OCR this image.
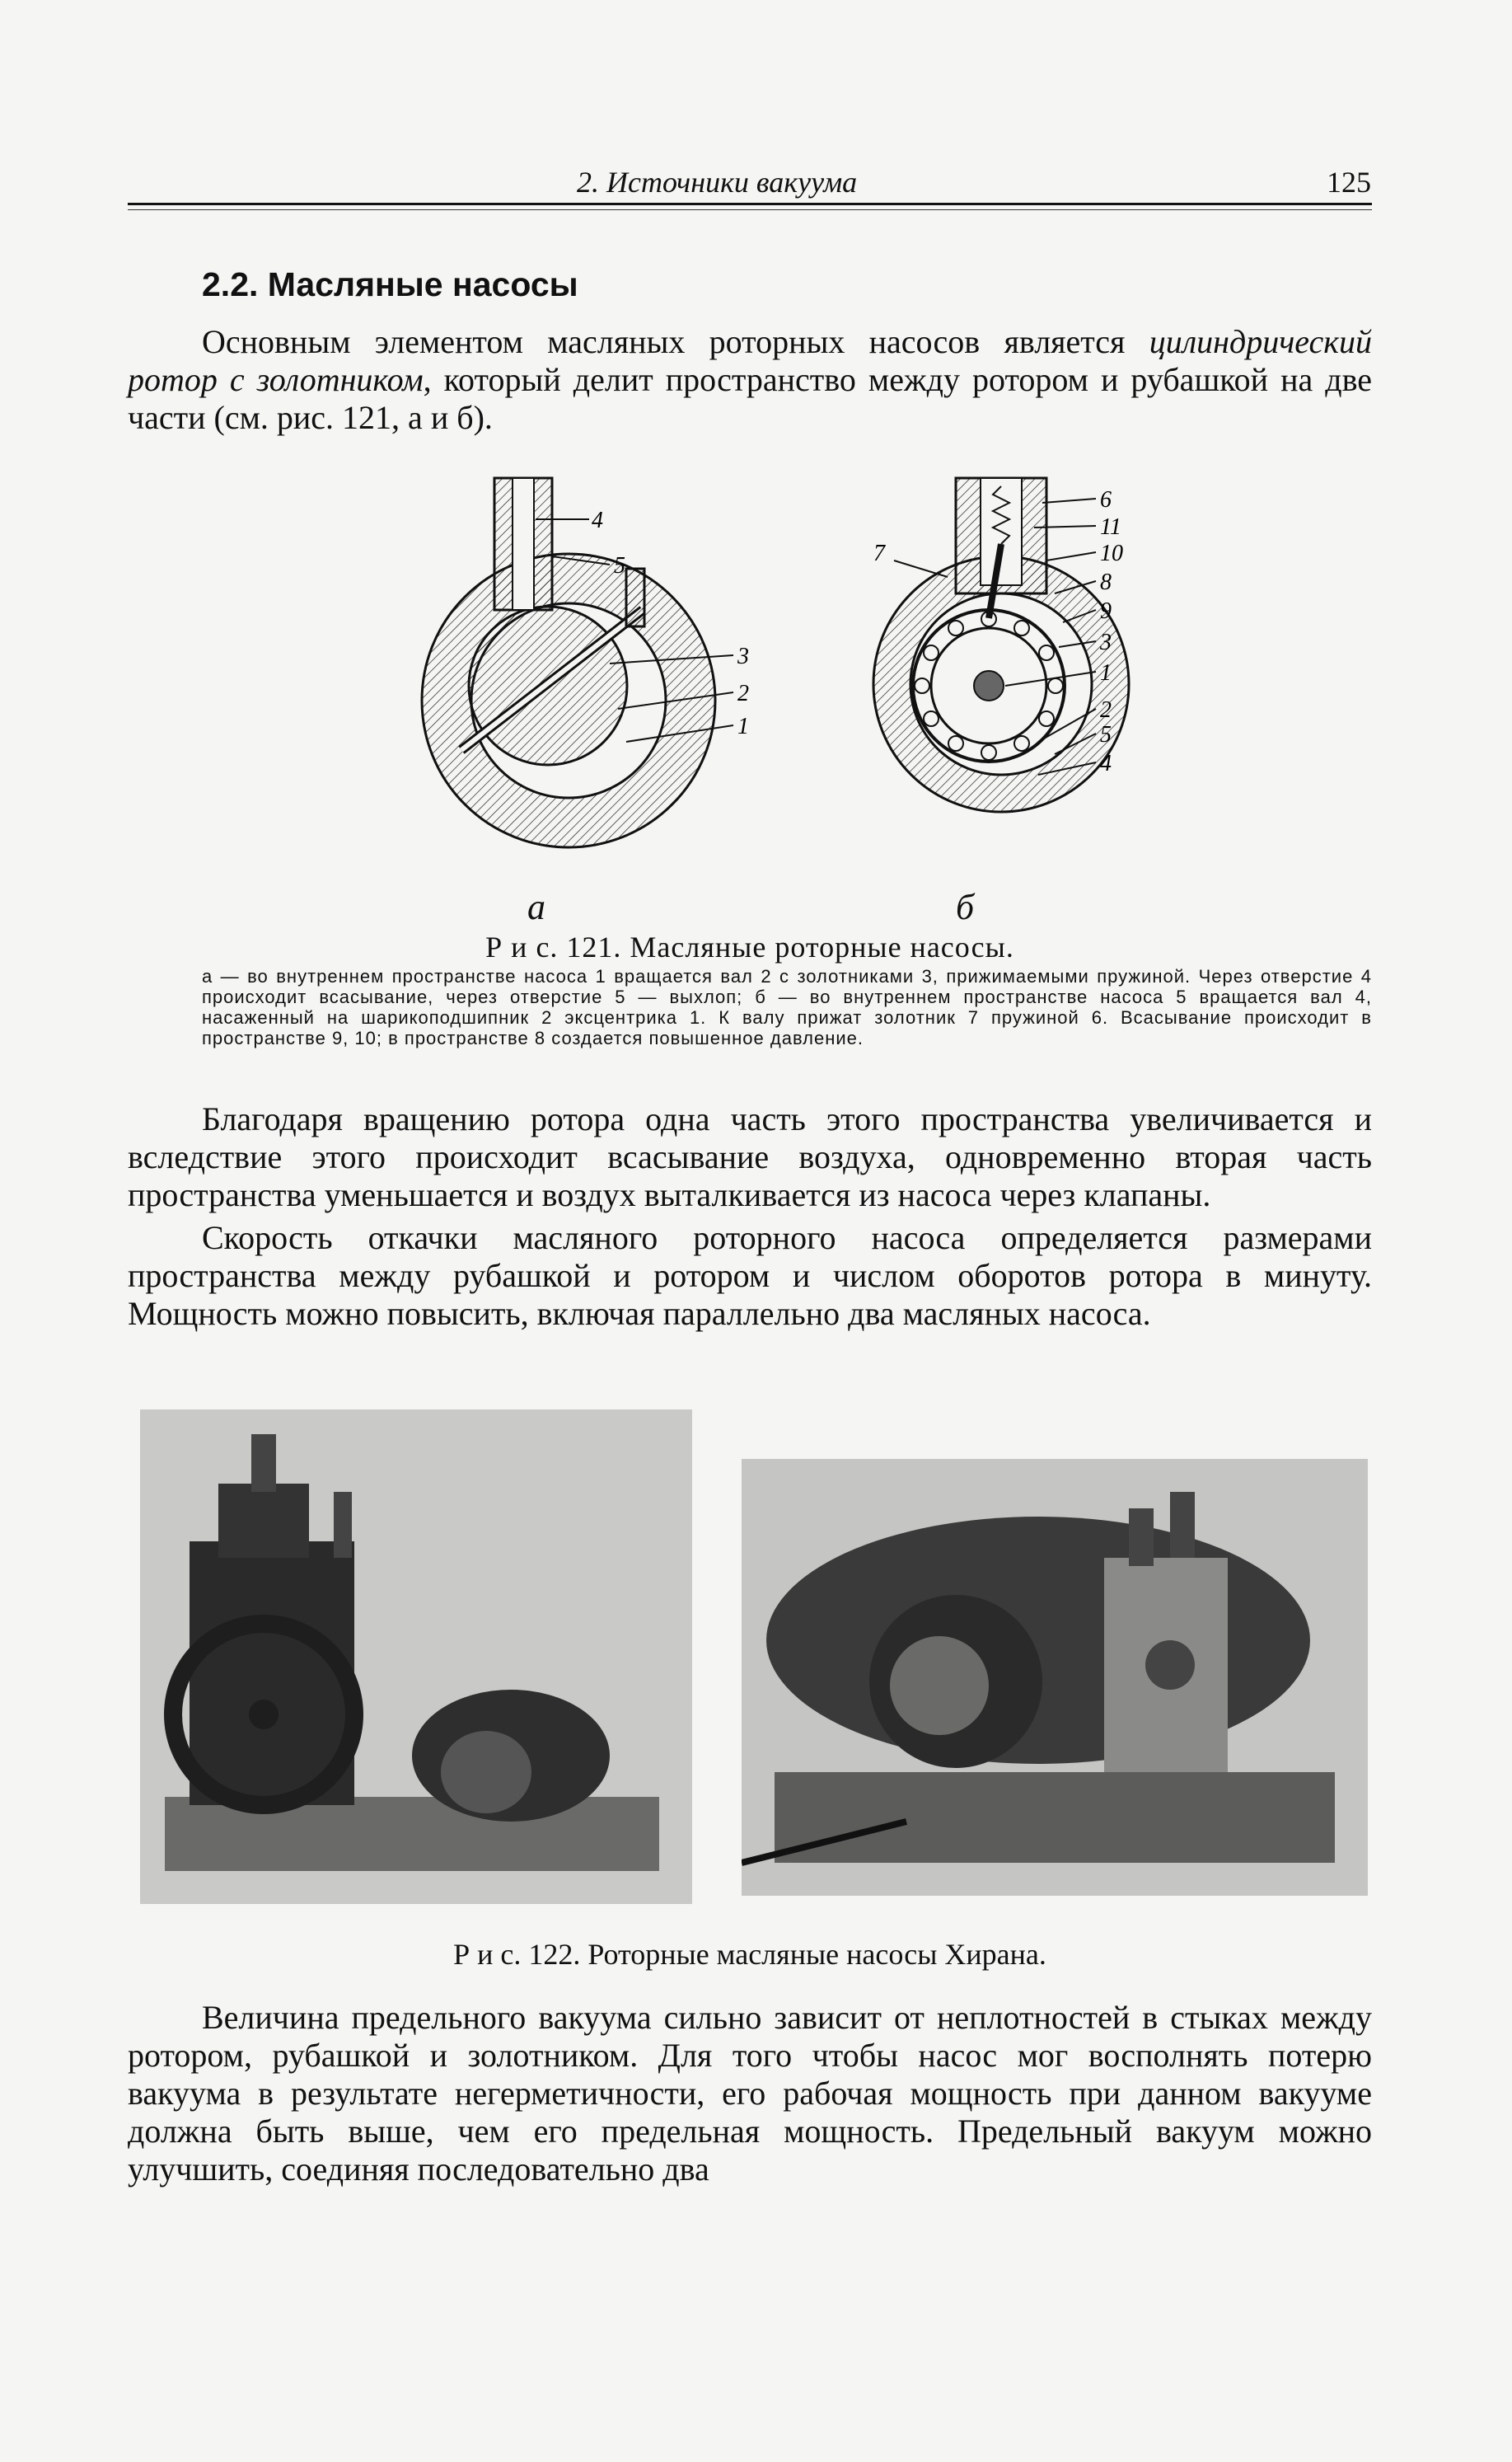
2. Источники вакуума	125
2.2. Масляные насосы

Основным элементом масляных роторных насосов является цилиндрический ротор с золотником, который делит пространство между ротором и рубашкой на две части (см. рис. 121, а и б).

4
5
3
2
1
6
11
10
8
9
3
1
2
5
4
7
а	б
Р и с. 121. Масляные роторные насосы.
а — во внутреннем пространстве насоса 1 вращается вал 2 с золотниками 3, прижимаемыми пружиной. Через отверстие 4 происходит всасывание, через отверстие 5 — выхлоп; б — во внутреннем пространстве насоса 5 вращается вал 4, насаженный на шарикоподшипник 2 эксцентрика 1. К валу прижат золотник 7 пружиной 6. Всасывание происходит в пространстве 9, 10; в пространстве 8 создается повышенное давление.

Благодаря вращению ротора одна часть этого пространства увеличивается и вследствие этого происходит всасывание воздуха, одновременно вторая часть пространства уменьшается и воздух выталкивается из насоса через клапаны.

Скорость откачки масляного роторного насоса определяется размерами пространства между рубашкой и ротором и числом оборотов ротора в минуту. Мощность можно повысить, включая параллельно два масляных насоса.

Р и с. 122. Роторные масляные насосы Хирана.

Величина предельного вакуума сильно зависит от неплотностей в стыках между ротором, рубашкой и золотником. Для того чтобы насос мог восполнять потерю вакуума в результате негерметичности, его рабочая мощность при данном вакууме должна быть выше, чем его предельная мощность. Предельный вакуум можно улучшить, соединяя последовательно два
